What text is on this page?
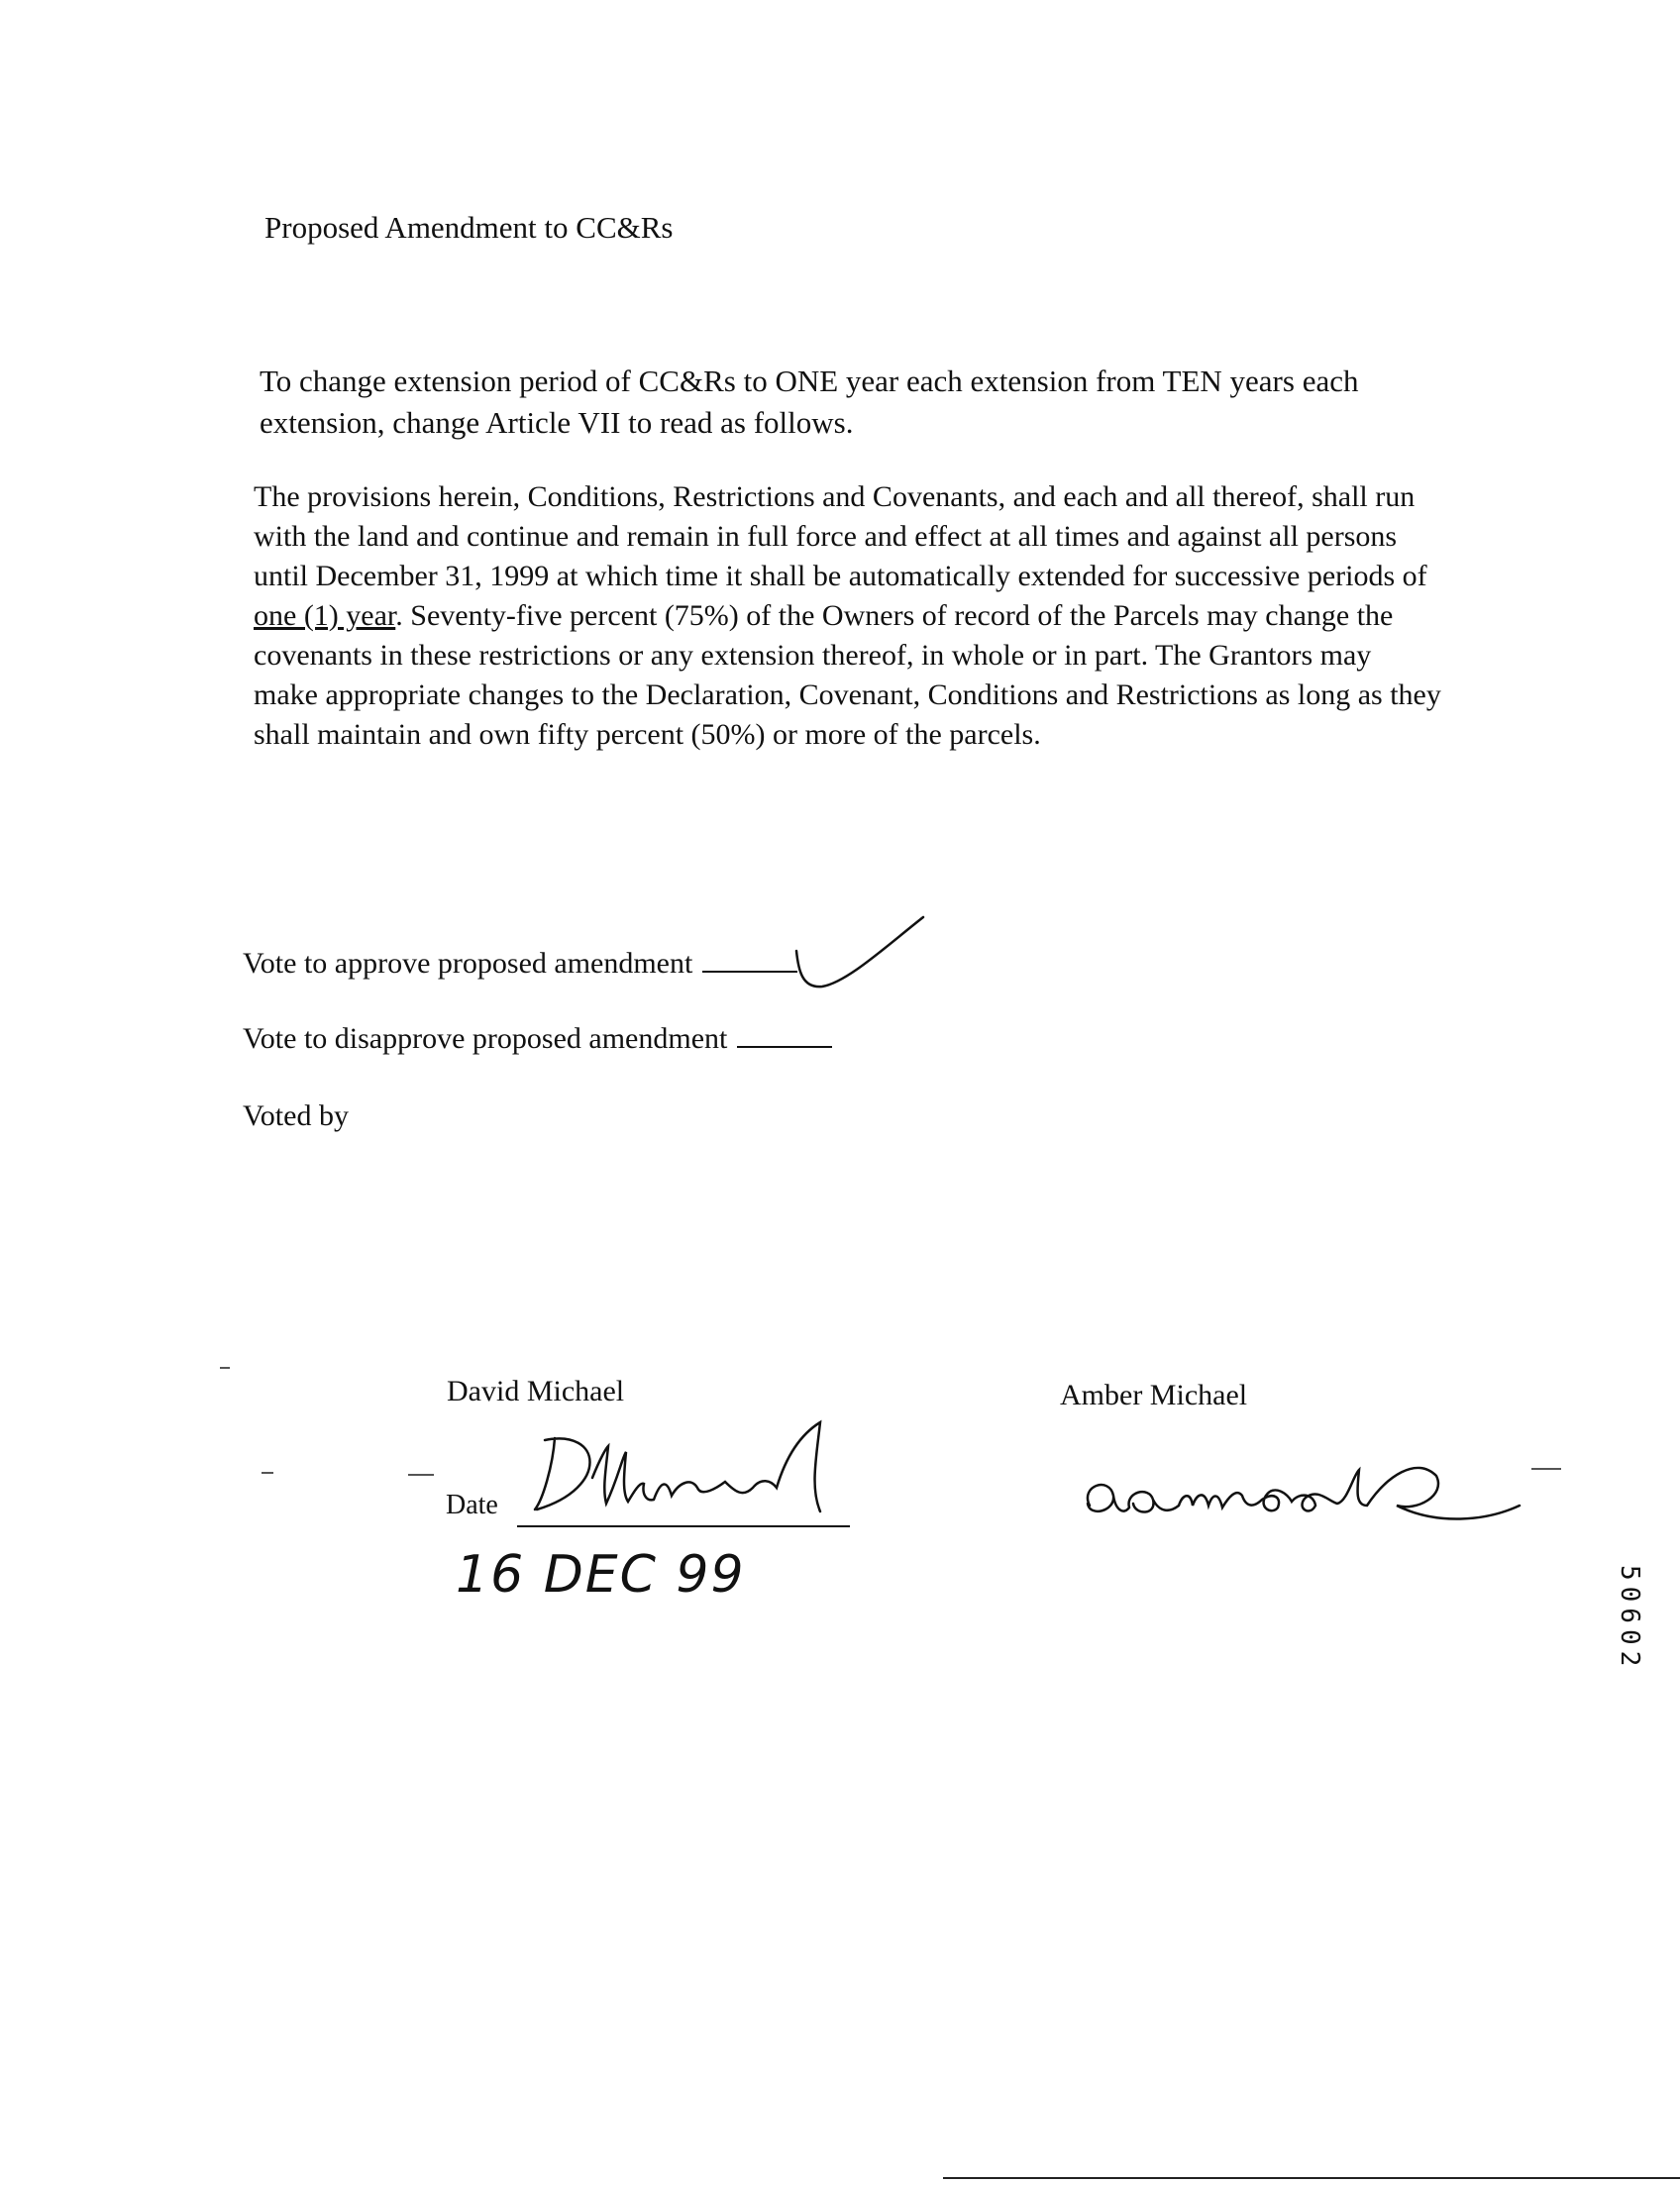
Proposed Amendment to CC&Rs

To change extension period of CC&Rs to ONE year each extension from TEN years each

extension, change Article VII to read as follows.

The provisions herein, Conditions, Restrictions and Covenants, and each and all thereof, shall run with the land and continue and remain in full force and effect at all times and against all persons until December 31, 1999 at which time it shall be automatically extended for successive periods of one (1) year. Seventy-five percent (75%) of the Owners of record of the Parcels may change the covenants in these restrictions or any extension thereof, in whole or in part. The Grantors may make appropriate changes to the Declaration, Covenant, Conditions and Restrictions as long as they shall maintain and own fifty percent (50%) or more of the parcels.

Vote to approve proposed amendment
Vote to disapprove proposed amendment
Voted by
David Michael	Amber Michael
Date
16 DEC 99	50602
